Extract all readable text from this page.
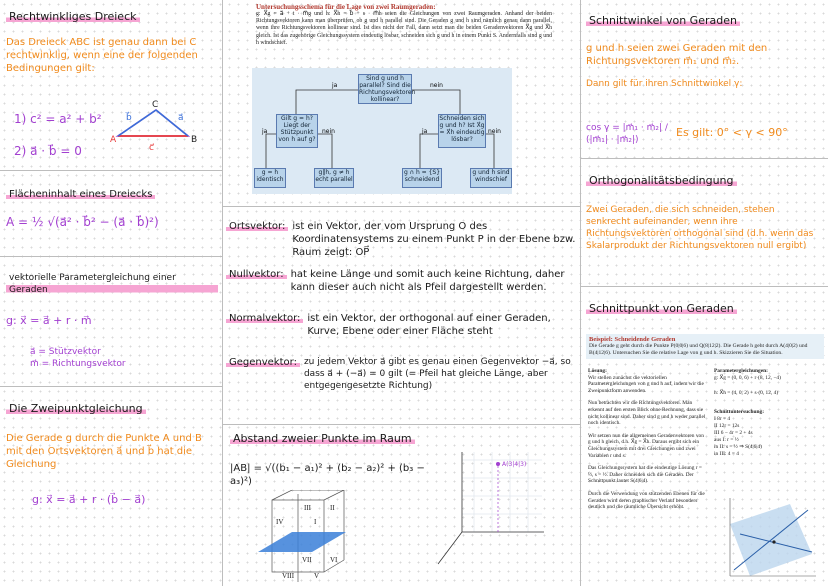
Rechtwinkliges Dreieck
Das Dreieck ABC ist genau dann bei C rechtwinklig, wenn eine der folgenden Bedingungen gilt:
1) c² = a² + b²
2) a⃗ · b⃗ = 0
A	B
C
b⃗	a⃗
c⃗
Flächeninhalt eines Dreiecks
A = ½ √(a⃗² · b⃗² − (a⃗ · b⃗)²)
vektorielle Parametergleichung einer Geraden
g: x⃗ = a⃗ + r · m⃗
a⃗ = Stützvektor
m⃗ = Richtungsvektor
Die Zweipunktgleichung
Die Gerade g durch die Punkte A und B mit den Ortsvektoren a⃗ und b⃗ hat die Gleichung
g: x⃗ = a⃗ + r · (b⃗ − a⃗)
Untersuchungsschema für die Lage von zwei Raumgeraden:
g: X⃗g = a⃗ + t · m⃗g und h: X⃗h = b⃗ + s · m⃗h seien die Gleichungen von zwei Raumgeraden. Anhand der beiden Richtungsvektoren kann man überprüfen, ob g und h parallel sind. Die Geraden g und h sind nämlich genau dann parallel, wenn ihre Richtungsvektoren kollinear sind. Ist dies nicht der Fall, dann setzt man die beiden Geradenvektoren X⃗g und X⃗h gleich. Ist das zugehörige Gleichungssystem eindeutig lösbar, schneiden sich g und h in einem Punkt S. Andernfalls sind g und h windschief.
Sind g und h parallel? Sind die Richtungsvektoren kollinear?
ja	nein
Gilt g = h? Liegt der Stützpunkt von h auf g?
Schneiden sich g und h? Ist X⃗g = X⃗h eindeutig lösbar?
ja	nein	ja	nein
g = h identisch
g‖h, g ≠ h echt parallel
g ∩ h = {S} schneidend
g und h sind windschief
Ortsvektor: ist ein Vektor, der vom Ursprung O des Koordinatensystems zu einem Punkt P in der Ebene bzw. Raum zeigt: OP⃗
Nullvektor: hat keine Länge und somit auch keine Richtung, daher kann dieser auch nicht als Pfeil dargestellt werden.
Normalvektor: ist ein Vektor, der orthogonal auf einer Geraden, Kurve, Ebene oder einer Fläche steht
Gegenvektor: zu jedem Vektor a⃗ gibt es genau einen Gegenvektor −a⃗, so dass a⃗ + (−a⃗) = 0 gilt (= Pfeil hat gleiche Länge, aber entgegengesetzte Richtung)
Abstand zweier Punkte im Raum
|AB| = √((b₁ − a₁)² + (b₂ − a₂)² + (b₃ − a₃)²)
III	II
IV	I
VII	VI
VIII	V
A(3|4|3)
Schnittwinkel von Geraden
g und h seien zwei Geraden mit den Richtungsvektoren m⃗₁ und m⃗₂.
Dann gilt für ihren Schnittwinkel γ:
cos γ = |m⃗₁ · m⃗₂| / (|m⃗₁| · |m⃗₂|)
Es gilt: 0° < γ < 90°
Orthogonalitätsbedingung
Zwei Geraden, die sich schneiden, stehen senkrecht aufeinander, wenn ihre Richtungsvektoren orthogonal sind (d.h. wenn das Skalarprodukt der Richtungsvektoren null ergibt)
Schnittpunkt von Geraden
Beispiel: Schneidende Geraden
Die Gerade g geht durch die Punkte P(0|0|6) und Q(8|12|2). Die Gerade h geht durch A(4|0|2) und B(4|12|6). Untersuchen Sie die relative Lage von g und h. Skizzieren Sie die Situation.
Lösung:
Wir stellen zunächst die vektoriellen Parametergleichungen von g und h auf, indem wir die Zweipunktform anwenden.
Nun betrachten wir die Richtungsvektoren. Man erkennt auf den ersten Blick ohne Rechnung, dass sie nicht kollinear sind. Daher sind g und h weder parallel noch identisch.
Wir setzen nun die allgemeinen Geradenvektoren von g und h gleich, d.h. X⃗g = X⃗h. Daraus ergibt sich ein Gleichungssystem mit drei Gleichungen und zwei Variablen r und s.
Das Gleichungssystem hat die eindeutige Lösung r = ½, s = ½. Daher schneiden sich die Geraden. Der Schnittpunkt lautet S(4|6|4).
Durch die Verwendung von stützenden Ebenen für die Geraden wird deren graphischer Verlauf besonders deutlich und die räumliche Übersicht erhöht.
Parametergleichungen:
g: X⃗g = (0, 0, 6) + r·(8, 12, −4)
h: X⃗h = (4, 0, 2) + s·(0, 12, 4)
Schnittuntersuchung:
I 8r = 4
II 12r = 12s
III 6 − 4r = 2 + 4s
aus I: r = ½
in II: s = ½ ⇒ S(4|6|4)
in III: 4 = 4
